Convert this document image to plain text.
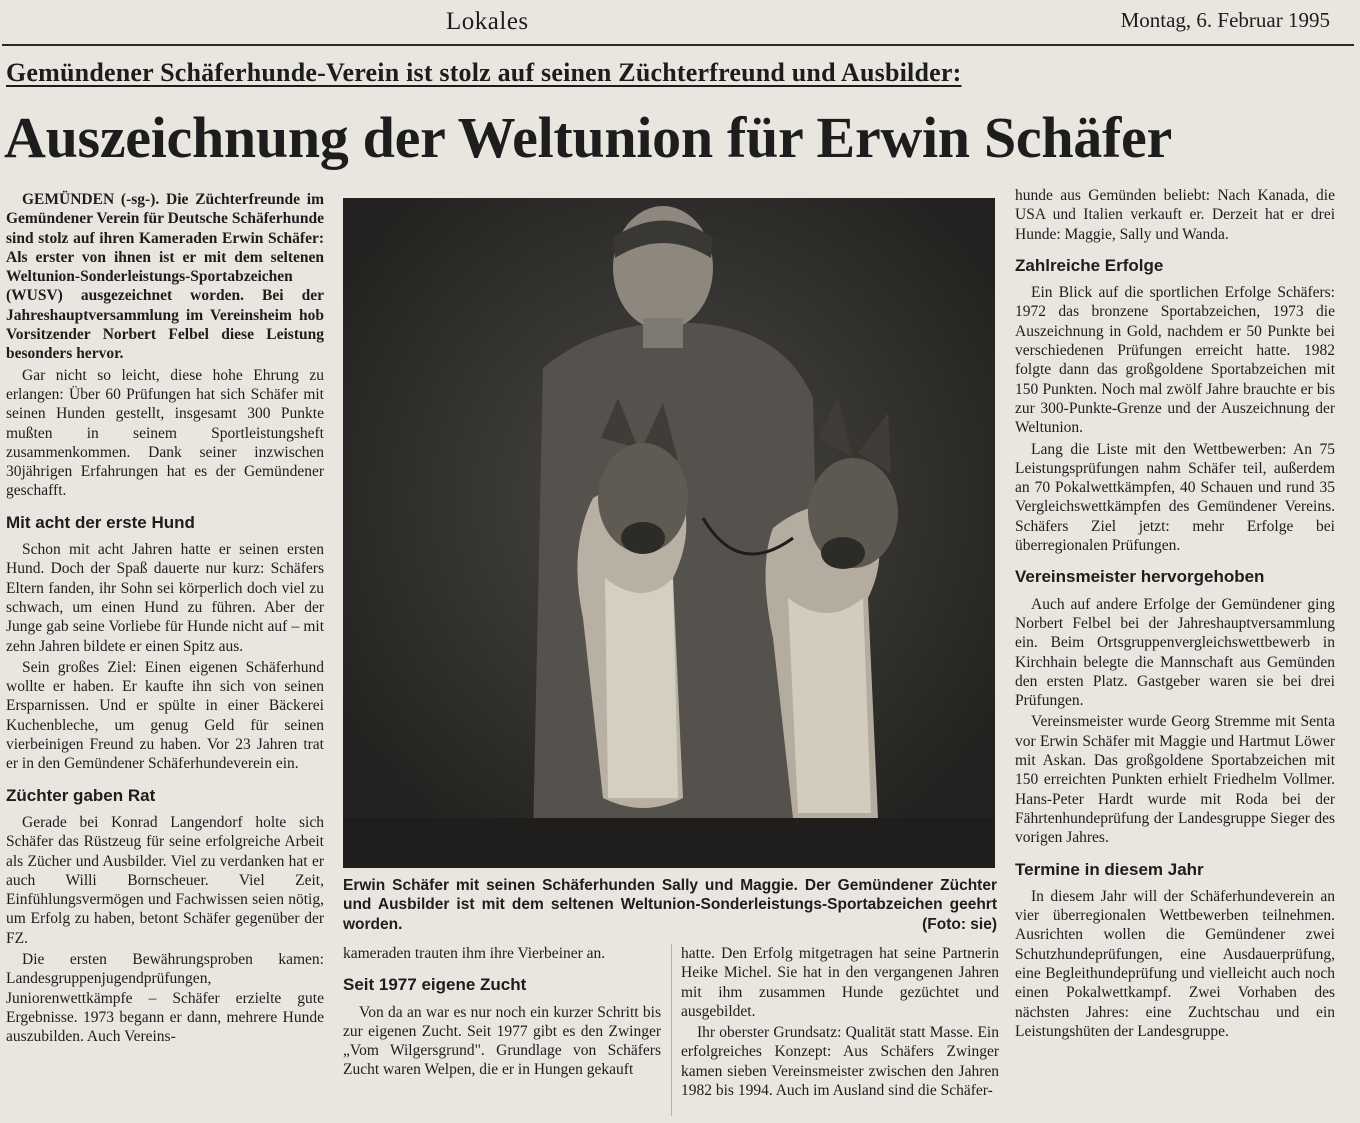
Lokales	Montag, 6. Februar 1995
Gemündener Schäferhunde-Verein ist stolz auf seinen Züchterfreund und Ausbilder:
Auszeichnung der Weltunion für Erwin Schäfer

GEMÜNDEN (-sg-). Die Züchterfreunde im Gemündener Verein für Deutsche Schäferhunde sind stolz auf ihren Kameraden Erwin Schäfer: Als erster von ihnen ist er mit dem seltenen Weltunion-Sonderleistungs-Sportabzeichen (WUSV) ausgezeichnet worden. Bei der Jahreshauptversammlung im Vereinsheim hob Vorsitzender Norbert Felbel diese Leistung besonders hervor.

Gar nicht so leicht, diese hohe Ehrung zu erlangen: Über 60 Prüfungen hat sich Schäfer mit seinen Hunden gestellt, insgesamt 300 Punkte mußten in seinem Sportleistungsheft zusammenkommen. Dank seiner inzwischen 30jährigen Erfahrungen hat es der Gemündener geschafft.

Mit acht der erste Hund

Schon mit acht Jahren hatte er seinen ersten Hund. Doch der Spaß dauerte nur kurz: Schäfers Eltern fanden, ihr Sohn sei körperlich doch viel zu schwach, um einen Hund zu führen. Aber der Junge gab seine Vorliebe für Hunde nicht auf – mit zehn Jahren bildete er einen Spitz aus.

Sein großes Ziel: Einen eigenen Schäferhund wollte er haben. Er kaufte ihn sich von seinen Ersparnissen. Und er spülte in einer Bäckerei Kuchenbleche, um genug Geld für seinen vierbeinigen Freund zu haben. Vor 23 Jahren trat er in den Gemündener Schäferhundeverein ein.

Züchter gaben Rat

Gerade bei Konrad Langendorf holte sich Schäfer das Rüstzeug für seine erfolgreiche Arbeit als Zücher und Ausbilder. Viel zu verdanken hat er auch Willi Bornscheuer. Viel Zeit, Einfühlungsvermögen und Fachwissen seien nötig, um Erfolg zu haben, betont Schäfer gegenüber der FZ.

Die ersten Bewährungsproben kamen: Landesgruppenjugendprüfungen, Juniorenwettkämpfe – Schäfer erzielte gute Ergebnisse. 1973 begann er dann, mehrere Hunde auszubilden. Auch Vereins-

Erwin Schäfer mit seinen Schäferhunden Sally und Maggie. Der Gemündener Züchter und Ausbilder ist mit dem seltenen Weltunion-Sonderleistungs-Sportabzeichen geehrt worden.	(Foto: sie)

kameraden trauten ihm ihre Vierbeiner an.

Seit 1977 eigene Zucht

Von da an war es nur noch ein kurzer Schritt bis zur eigenen Zucht. Seit 1977 gibt es den Zwinger „Vom Wilgersgrund". Grundlage von Schäfers Zucht waren Welpen, die er in Hungen gekauft

hatte. Den Erfolg mitgetragen hat seine Partnerin Heike Michel. Sie hat in den vergangenen Jahren mit ihm zusammen Hunde gezüchtet und ausgebildet.

Ihr oberster Grundsatz: Qualität statt Masse. Ein erfolgreiches Konzept: Aus Schäfers Zwinger kamen sieben Vereinsmeister zwischen den Jahren 1982 bis 1994. Auch im Ausland sind die Schäfer-

hunde aus Gemünden beliebt: Nach Kanada, die USA und Italien verkauft er. Derzeit hat er drei Hunde: Maggie, Sally und Wanda.

Zahlreiche Erfolge

Ein Blick auf die sportlichen Erfolge Schäfers: 1972 das bronzene Sportabzeichen, 1973 die Auszeichnung in Gold, nachdem er 50 Punkte bei verschiedenen Prüfungen erreicht hatte. 1982 folgte dann das großgoldene Sportabzeichen mit 150 Punkten. Noch mal zwölf Jahre brauchte er bis zur 300-Punkte-Grenze und der Auszeichnung der Weltunion.

Lang die Liste mit den Wettbewerben: An 75 Leistungsprüfungen nahm Schäfer teil, außerdem an 70 Pokalwettkämpfen, 40 Schauen und rund 35 Vergleichswettkämpfen des Gemündener Vereins. Schäfers Ziel jetzt: mehr Erfolge bei überregionalen Prüfungen.

Vereinsmeister hervorgehoben

Auch auf andere Erfolge der Gemündener ging Norbert Felbel bei der Jahreshauptversammlung ein. Beim Ortsgruppenvergleichswettbewerb in Kirchhain belegte die Mannschaft aus Gemünden den ersten Platz. Gastgeber waren sie bei drei Prüfungen.

Vereinsmeister wurde Georg Stremme mit Senta vor Erwin Schäfer mit Maggie und Hartmut Löwer mit Askan. Das großgoldene Sportabzeichen mit 150 erreichten Punkten erhielt Friedhelm Vollmer. Hans-Peter Hardt wurde mit Roda bei der Fährtenhundeprüfung der Landesgruppe Sieger des vorigen Jahres.

Termine in diesem Jahr

In diesem Jahr will der Schäferhundeverein an vier überregionalen Wettbewerben teilnehmen. Ausrichten wollen die Gemündener zwei Schutzhundeprüfungen, eine Ausdauerprüfung, eine Begleithundeprüfung und vielleicht auch noch einen Pokalwettkampf. Zwei Vorhaben des nächsten Jahres: eine Zuchtschau und ein Leistungshüten der Landesgruppe.
